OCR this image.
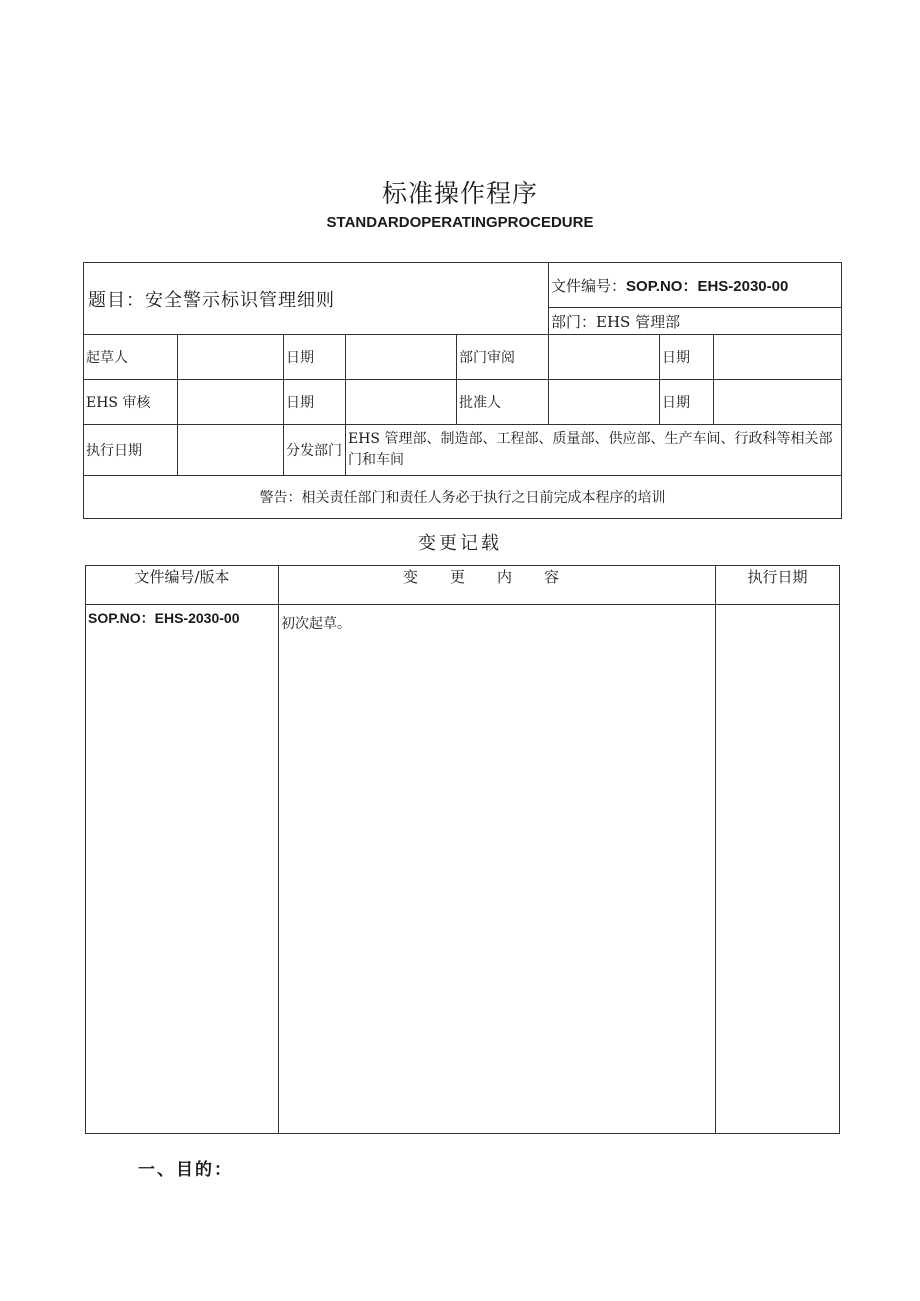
标准操作程序
STANDARDOPERATINGPROCEDURE
题目：安全警示标识管理细则					文件编号：SOP.NO：EHS-2030-00		
					部门：EHS 管理部		
起草人		日期		部门审阅		日期	
EHS 审核		日期		批准人		日期	
执行日期		分发部门	EHS 管理部、制造部、工程部、质量部、供应部、生产车间、行政科等相关部门和车间				
警告：相关责任部门和责任人务必于执行之日前完成本程序的培训							
变更记载
文件编号/版本	变更内容	执行日期
SOP.NO：EHS-2030-00	初次起草。	
一、目的：
